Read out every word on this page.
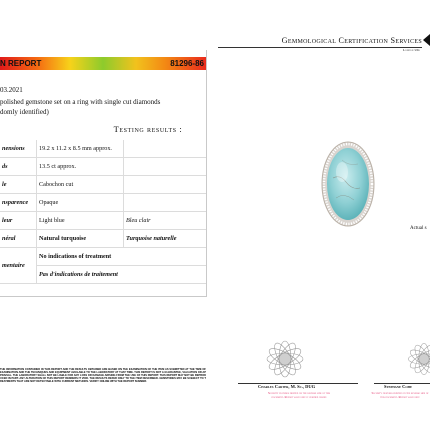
N REPORT	81296-86
03.2021
polished gemstone set on a ring with single cut diamonds
domly identified)
Testing results :
nensions	19.2 x 11.2 x 8.5 mm approx.	
ds	13.5 ct approx.	
le	Cabochon cut	
nsparence	Opaque	
leur	Light blue	Bleu clair
néral	Natural turquoise	Turquoise naturelle
mentaire	No indications of treatment	
	Pas d'indications de traitement	
Gemmological Certification Services
London UK
Actual s
THE INFORMATION CONTAINED IN THIS REPORT AND THE RESULTS OBTAINED ARE BASED ON THE EXAMINATION OF THE ITEM AS SUBMITTED AT THE TIME OF EXAMINATION AND THE TECHNIQUES AND EQUIPMENT AVAILABLE TO THE LABORATORY AT THAT TIME. THIS REPORT IS NOT A GUARANTEE, VALUATION OR APPRAISAL. THE LABORATORY SHALL NOT BE LIABLE FOR ANY LOSS OR DAMAGE ARISING FROM THE USE OF THIS REPORT. THIS REPORT MAY NOT BE REPRODUCED IN PART. ANY ALTERATION OF THIS REPORT RENDERS IT VOID. THE RESULTS REFER ONLY TO THE ITEM DESCRIBED. GEMSTONES MAY BE SUBJECT TO TREATMENTS THAT ARE NOT DETECTABLE WITH CURRENT METHODS. VERIFY ONLINE WITH THE REPORT NUMBER.
Charles Carter, M. Sc., DUG	Stephane Cohe
Security features printed on the reverse side of this document. Report valid only if verified online
Security features printed on the reverse side of this document. Report valid only
